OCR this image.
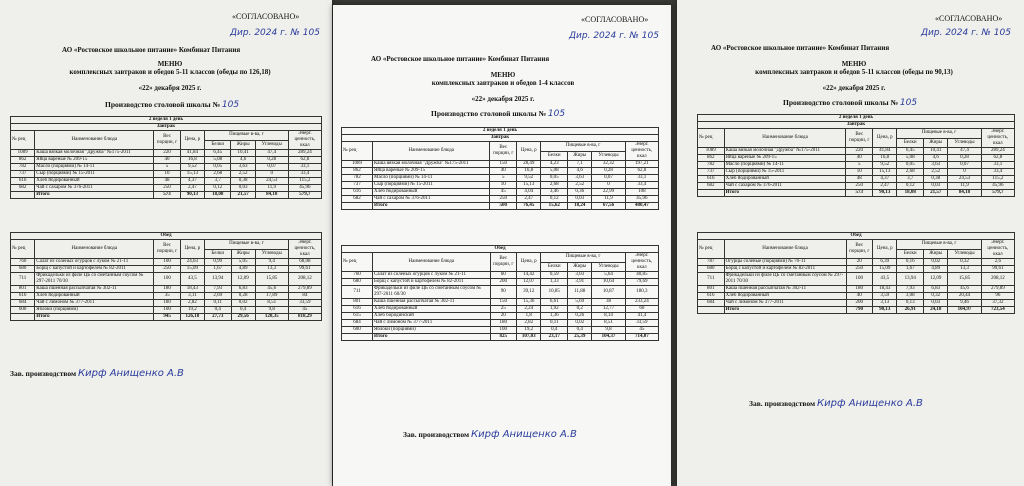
«СОГЛАСОВАНО»
Дир. 2024 г. № 105
АО «Ростовское школьное питание» Комбинат Питания
МЕНЮ
комплексных завтраков и обедов 5-11 классов (обеды по 126,18)
«22» декабря 2025 г.
Производство столовой школы № 105
2 неделя 1 день							
Завтрак							
№ рец	Наименование блюда	Вес порции, г	Цена, р	Пищевые в-ва, г			Энерг. ценность, ккал
				Белки	Жиры	Углеводы	
1089	Каша вязкая молочная "Дружба" №175-2011	220	41,84	6,45	10,41	47,4	289,24
862	Яйца вареные № 209-15	40	16,8	5,08	4,6	0,28	62,8
782	Масло (порциями) № 14-11	5	9,52	0,05	3,63	0,07	33,1
737	Сыр (порциями) № 15-2011	10	15,13	2,68	2,52	0	33,4
616	Хлеб йодированный	48	4,37	3,7	0,38	24,53	115,2
682	Чай с сахаром № 376-2011	250	2,47	0,12	0,03	11,9	45,96
	Итого	573	90,13	18,08	21,57	84,18	579,7
Обед							
№ рец	Наименование блюда	Вес порции, г	Цена, р	Пищевые в-ва, г			Энерг. ценность, ккал
				Белки	Жиры	Углеводы	
760	Салат из соленых огурцов с луком № 21-11	100	24,03	0,99	5,05	9,4	68,08
680	Борщ с капустой и картофелем № 82-2011	250	15,09	1,67	4,89	13,3	99,61
711	Фрикадельки из филе ЦБ со сметанным соусом № 297-2011 70/30	100	43,5	13,94	12,09	15,85	208,12
801	Каша пшенная рассыпчатая № 302-11	180	18,43	7,93	6,83	45,6	279,89
616	Хлеб йодированный	35	3,11	2,69	0,28	17,89	84
684	Чай с лимоном № 377-2011	180	2,82	0,11	0,02	8,51	33,59
600	Яблоки (порциями)	100	19,2	0,4	0,4	9,8	45
	Итого	945	126,18	27,73	29,56	120,35	818,29
Зав. производством Кирф Анищенко А.В
«СОГЛАСОВАНО»
Дир. 2024 г. № 105
АО «Ростовское школьное питание» Комбинат Питания
МЕНЮ
комплексных завтраков и обедов 1-4 классов
«22» декабря 2025 г.
Производство столовой школы № 105
2 неделя 1 день							
Завтрак							
№ рец	Наименование блюда	Вес порции, г	Цена, р	Пищевые в-ва, г			Энерг. ценность, ккал
				Белки	Жиры	Углеводы	
1089	Каша вязкая молочная "Дружба" №175-2011	150	28,49	4,23	7,1	32,32	197,21
862	Яйца вареные № 209-15	40	16,8	5,08	4,6	0,28	62,8
782	Масло (порциями) № 14-11	5	9,52	0,05	3,63	0,07	33,1
737	Сыр (порциями) № 15-2011	10	15,13	2,68	2,52	0	33,4
616	Хлеб йодированный	45	4,04	3,46	0,36	22,99	108
682	Чай с сахаром № 376-2011	250	2,47	0,12	0,03	11,9	45,96
	Итого	500	76,45	15,62	18,24	67,56	480,47
Обед							
№ рец	Наименование блюда	Вес порции, г	Цена, р	Пищевые в-ва, г			Энерг. ценность, ккал
				Белки	Жиры	Углеводы	
760	Салат из соленых огурцов с луком № 21-11	60	14,42	0,59	3,03	5,64	40,85
680	Борщ с капустой и картофелем № 82-2011	200	12,07	1,33	3,91	10,64	79,69
711	Фрикадельки из филе ЦБ со сметанным соусом № 297-2011 60/30	90	39,12	10,85	11,88	10,87	180,3
801	Каша пшенная рассыпчатая № 302-11	150	15,36	6,61	5,69	38	233,24
616	Хлеб йодированный	25	2,24	1,92	0,2	12,77	60
615	Хлеб бородинский	20	1,8	1,36	0,26	8,14	41,4
684	Чай с лимоном № 377-2011	180	2,82	0,11	0,02	8,51	33,59
600	Яблоки (порциями)	100	19,2	0,4	0,4	9,8	45
	Итого	825	107,03	23,17	25,39	104,37	714,07
Зав. производством Кирф Анищенко А.В
«СОГЛАСОВАНО»
Дир. 2024 г. № 105
АО «Ростовское школьное питание» Комбинат Питания
МЕНЮ
комплексных завтраков и обедов 5-11 классов (обеды по 90,13)
«22» декабря 2025 г.
Производство столовой школы № 105
2 неделя 1 день							
Завтрак							
№ рец	Наименование блюда	Вес порции, г	Цена, р	Пищевые в-ва, г			Энерг. ценность, ккал
				Белки	Жиры	Углеводы	
1089	Каша вязкая молочная "Дружба" №175-2011	220	41,84	6,45	10,41	47,4	289,24
862	Яйца вареные № 209-15	40	16,8	5,08	4,6	0,28	62,8
782	Масло (порциями) № 14-11	5	9,52	0,05	3,63	0,07	33,1
737	Сыр (порциями) № 15-2011	10	15,13	2,68	2,52	0	33,4
616	Хлеб йодированный	48	4,37	3,7	0,38	24,53	115,2
682	Чай с сахаром № 376-2011	250	2,47	0,12	0,03	11,9	45,96
	Итого	573	90,13	18,08	21,57	84,18	579,7
Обед							
№ рец	Наименование блюда	Вес порции, г	Цена, р	Пищевые в-ва, г			Энерг. ценность, ккал
				Белки	Жиры	Углеводы	
787	Огурцы соленые (порциями) № 70-11	20	6,39	0,16	0,02	0,32	2,6
680	Борщ с капустой и картофелем № 82-2011	250	15,09	1,67	4,89	13,3	99,61
711	Фрикадельки из филе ЦБ со сметанным соусом № 297-2011 70/30	100	43,5	13,94	12,09	15,85	208,12
801	Каша пшенная рассыпчатая № 302-11	180	18,43	7,93	6,83	45,6	279,89
616	Хлеб йодированный	40	3,59	3,08	0,32	20,44	96
684	Чай с лимоном № 377-2011	200	3,13	0,13	0,03	9,46	37,32
	Итого	790	90,13	26,91	24,18	104,97	723,54
Зав. производством Кирф Анищенко А.В
